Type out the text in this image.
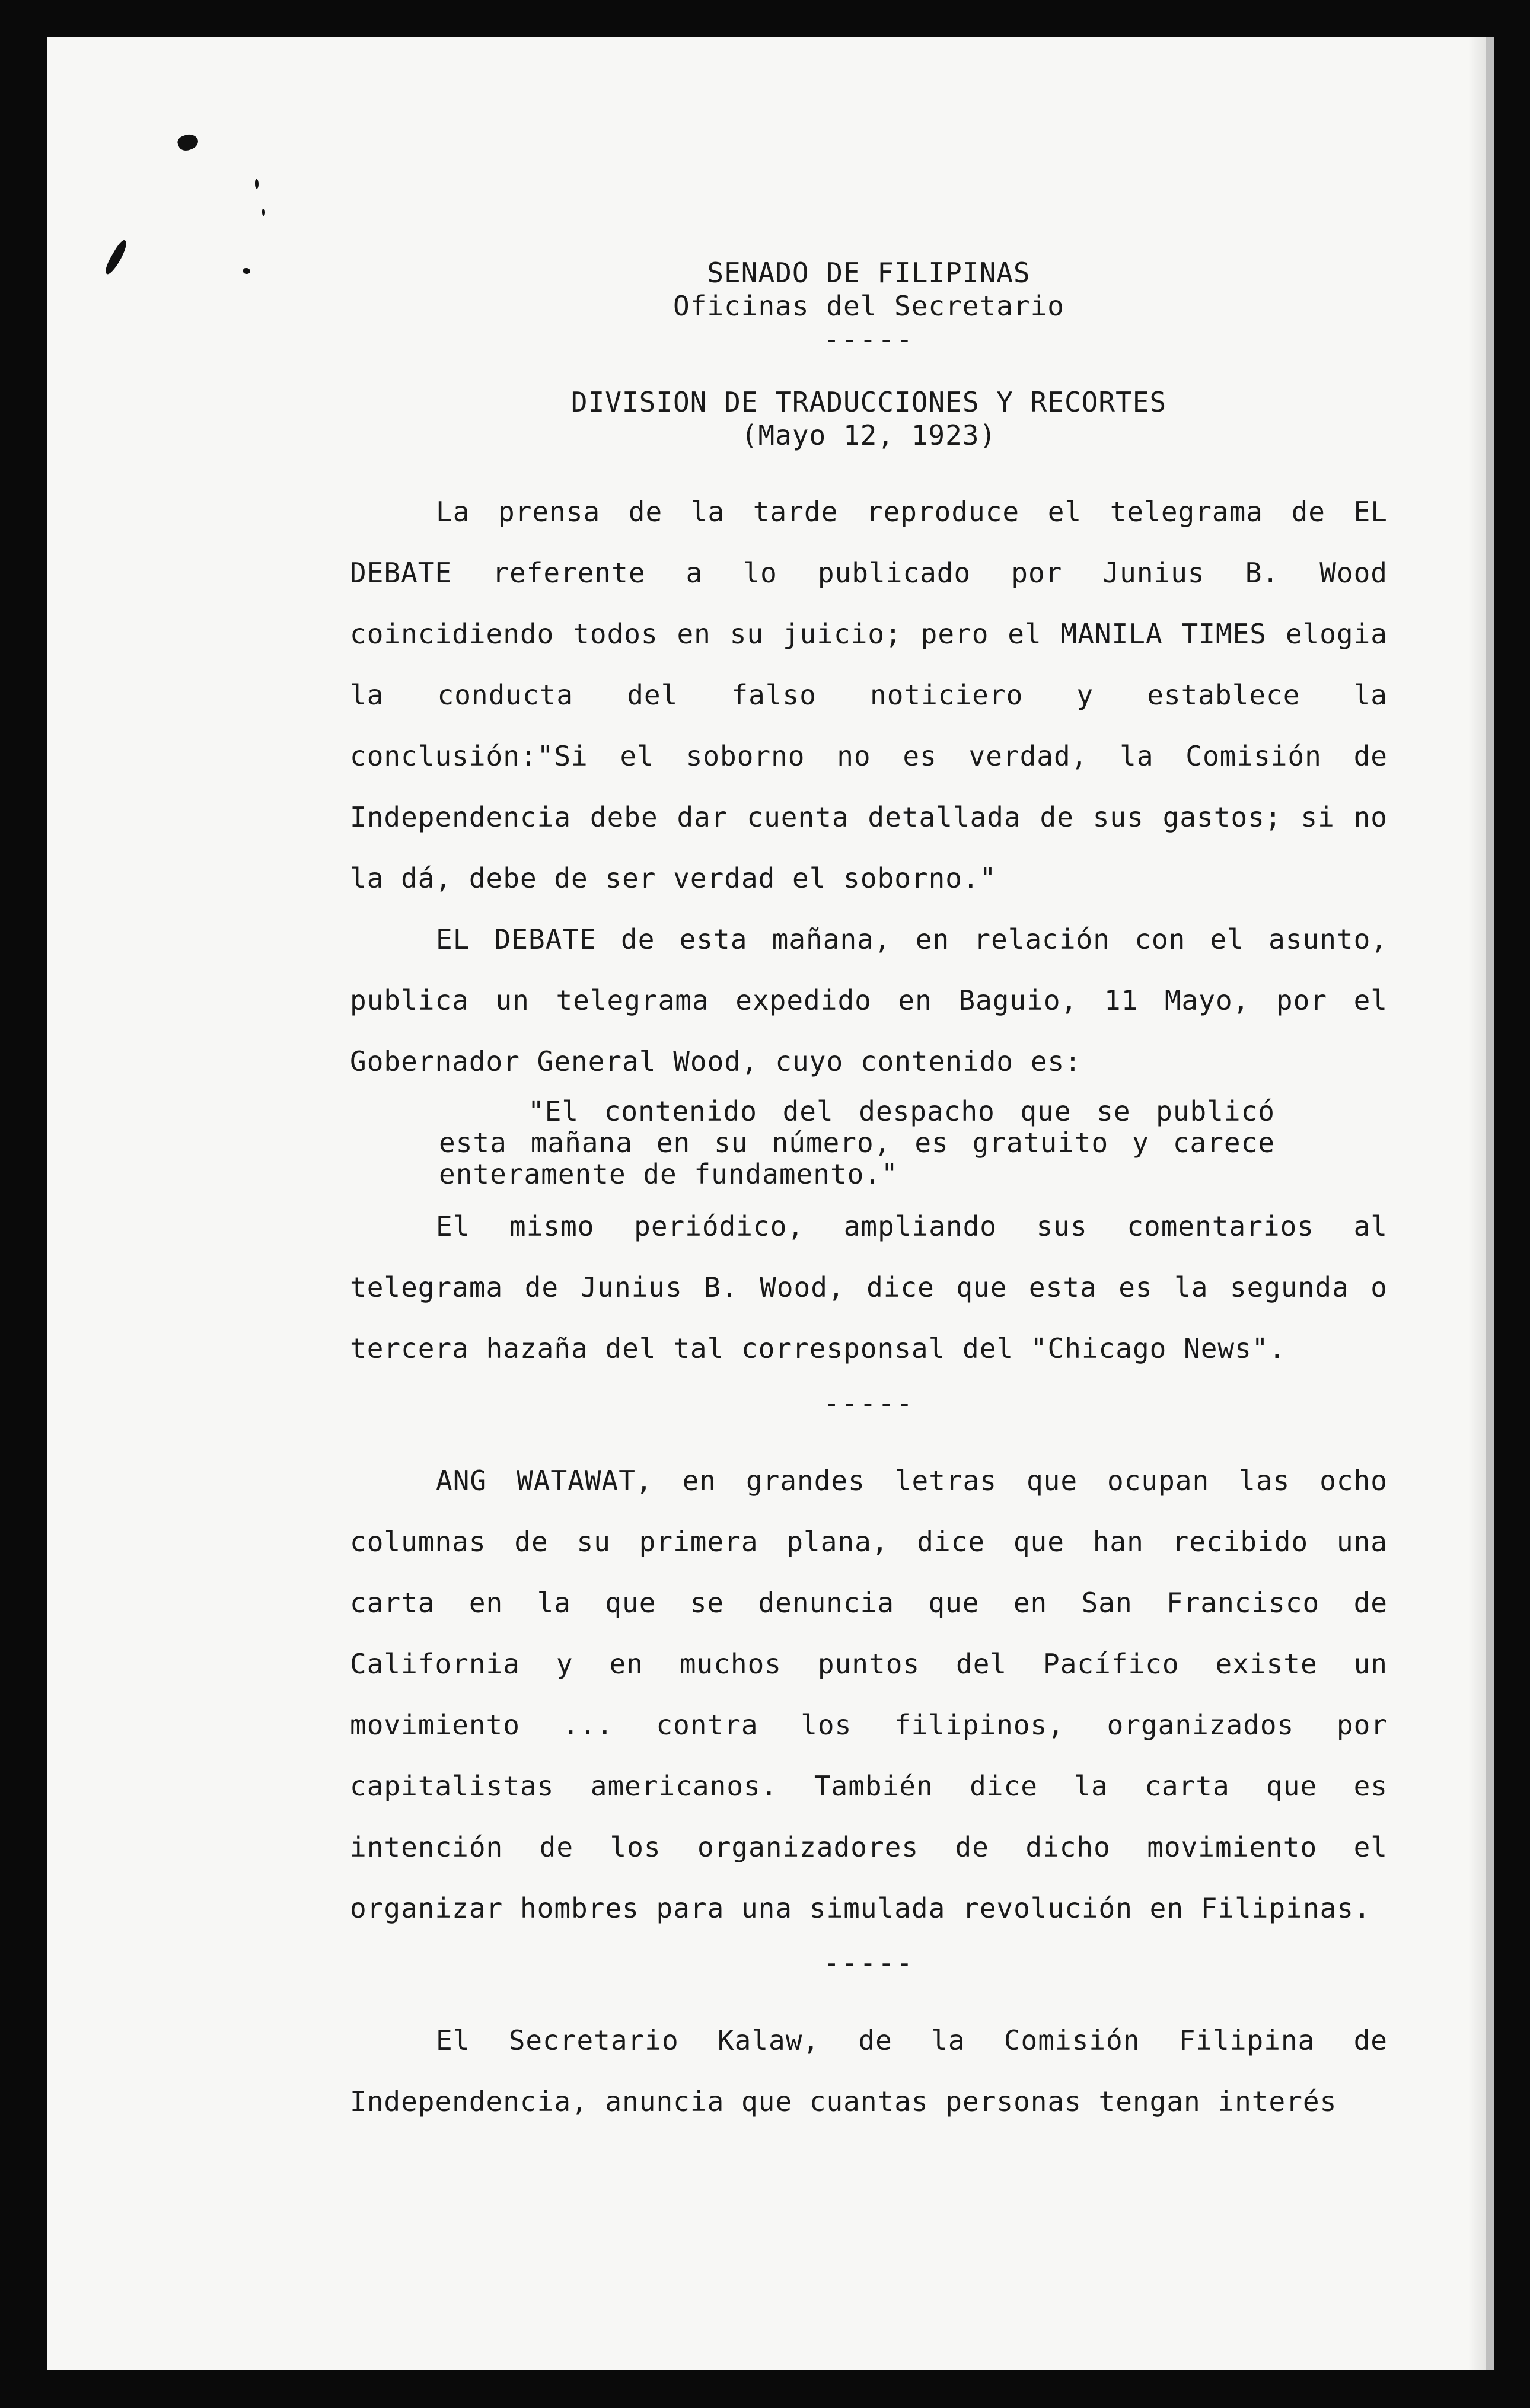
SENADO DE FILIPINAS
Oficinas del Secretario
-----
DIVISION DE TRADUCCIONES Y RECORTES
(Mayo 12, 1923)

La prensa de la tarde reproduce el telegrama de EL DEBATE referente a lo publicado por Junius B. Wood coincidiendo todos en su juicio; pero el MANILA TIMES elogia la conducta del falso noticiero y establece la conclusión:"Si el soborno no es verdad, la Comisión de Independencia debe dar cuenta detallada de sus gastos; si no la dá, debe de ser verdad el soborno."

EL DEBATE de esta mañana, en relación con el asunto, publica un telegrama expedido en Baguio, 11 Mayo, por el Gobernador General Wood, cuyo contenido es:

"El contenido del despacho que se publicó esta mañana en su número, es gratuito y carece enteramente de fundamento."

El mismo periódico, ampliando sus comentarios al telegrama de Junius B. Wood, dice que esta es la segunda o tercera hazaña del tal corresponsal del "Chicago News".

-----

ANG WATAWAT, en grandes letras que ocupan las ocho columnas de su primera plana, dice que han recibido una carta en la que se denuncia que en San Francisco de California y en muchos puntos del Pacífico existe un movimiento ... contra los filipinos, organizados por capitalistas americanos. También dice la carta que es intención de los organizadores de dicho movimiento el organizar hombres para una simulada revolución en Filipinas.

-----

El Secretario Kalaw, de la Comisión Filipina de Independencia, anuncia que cuantas personas tengan interés
